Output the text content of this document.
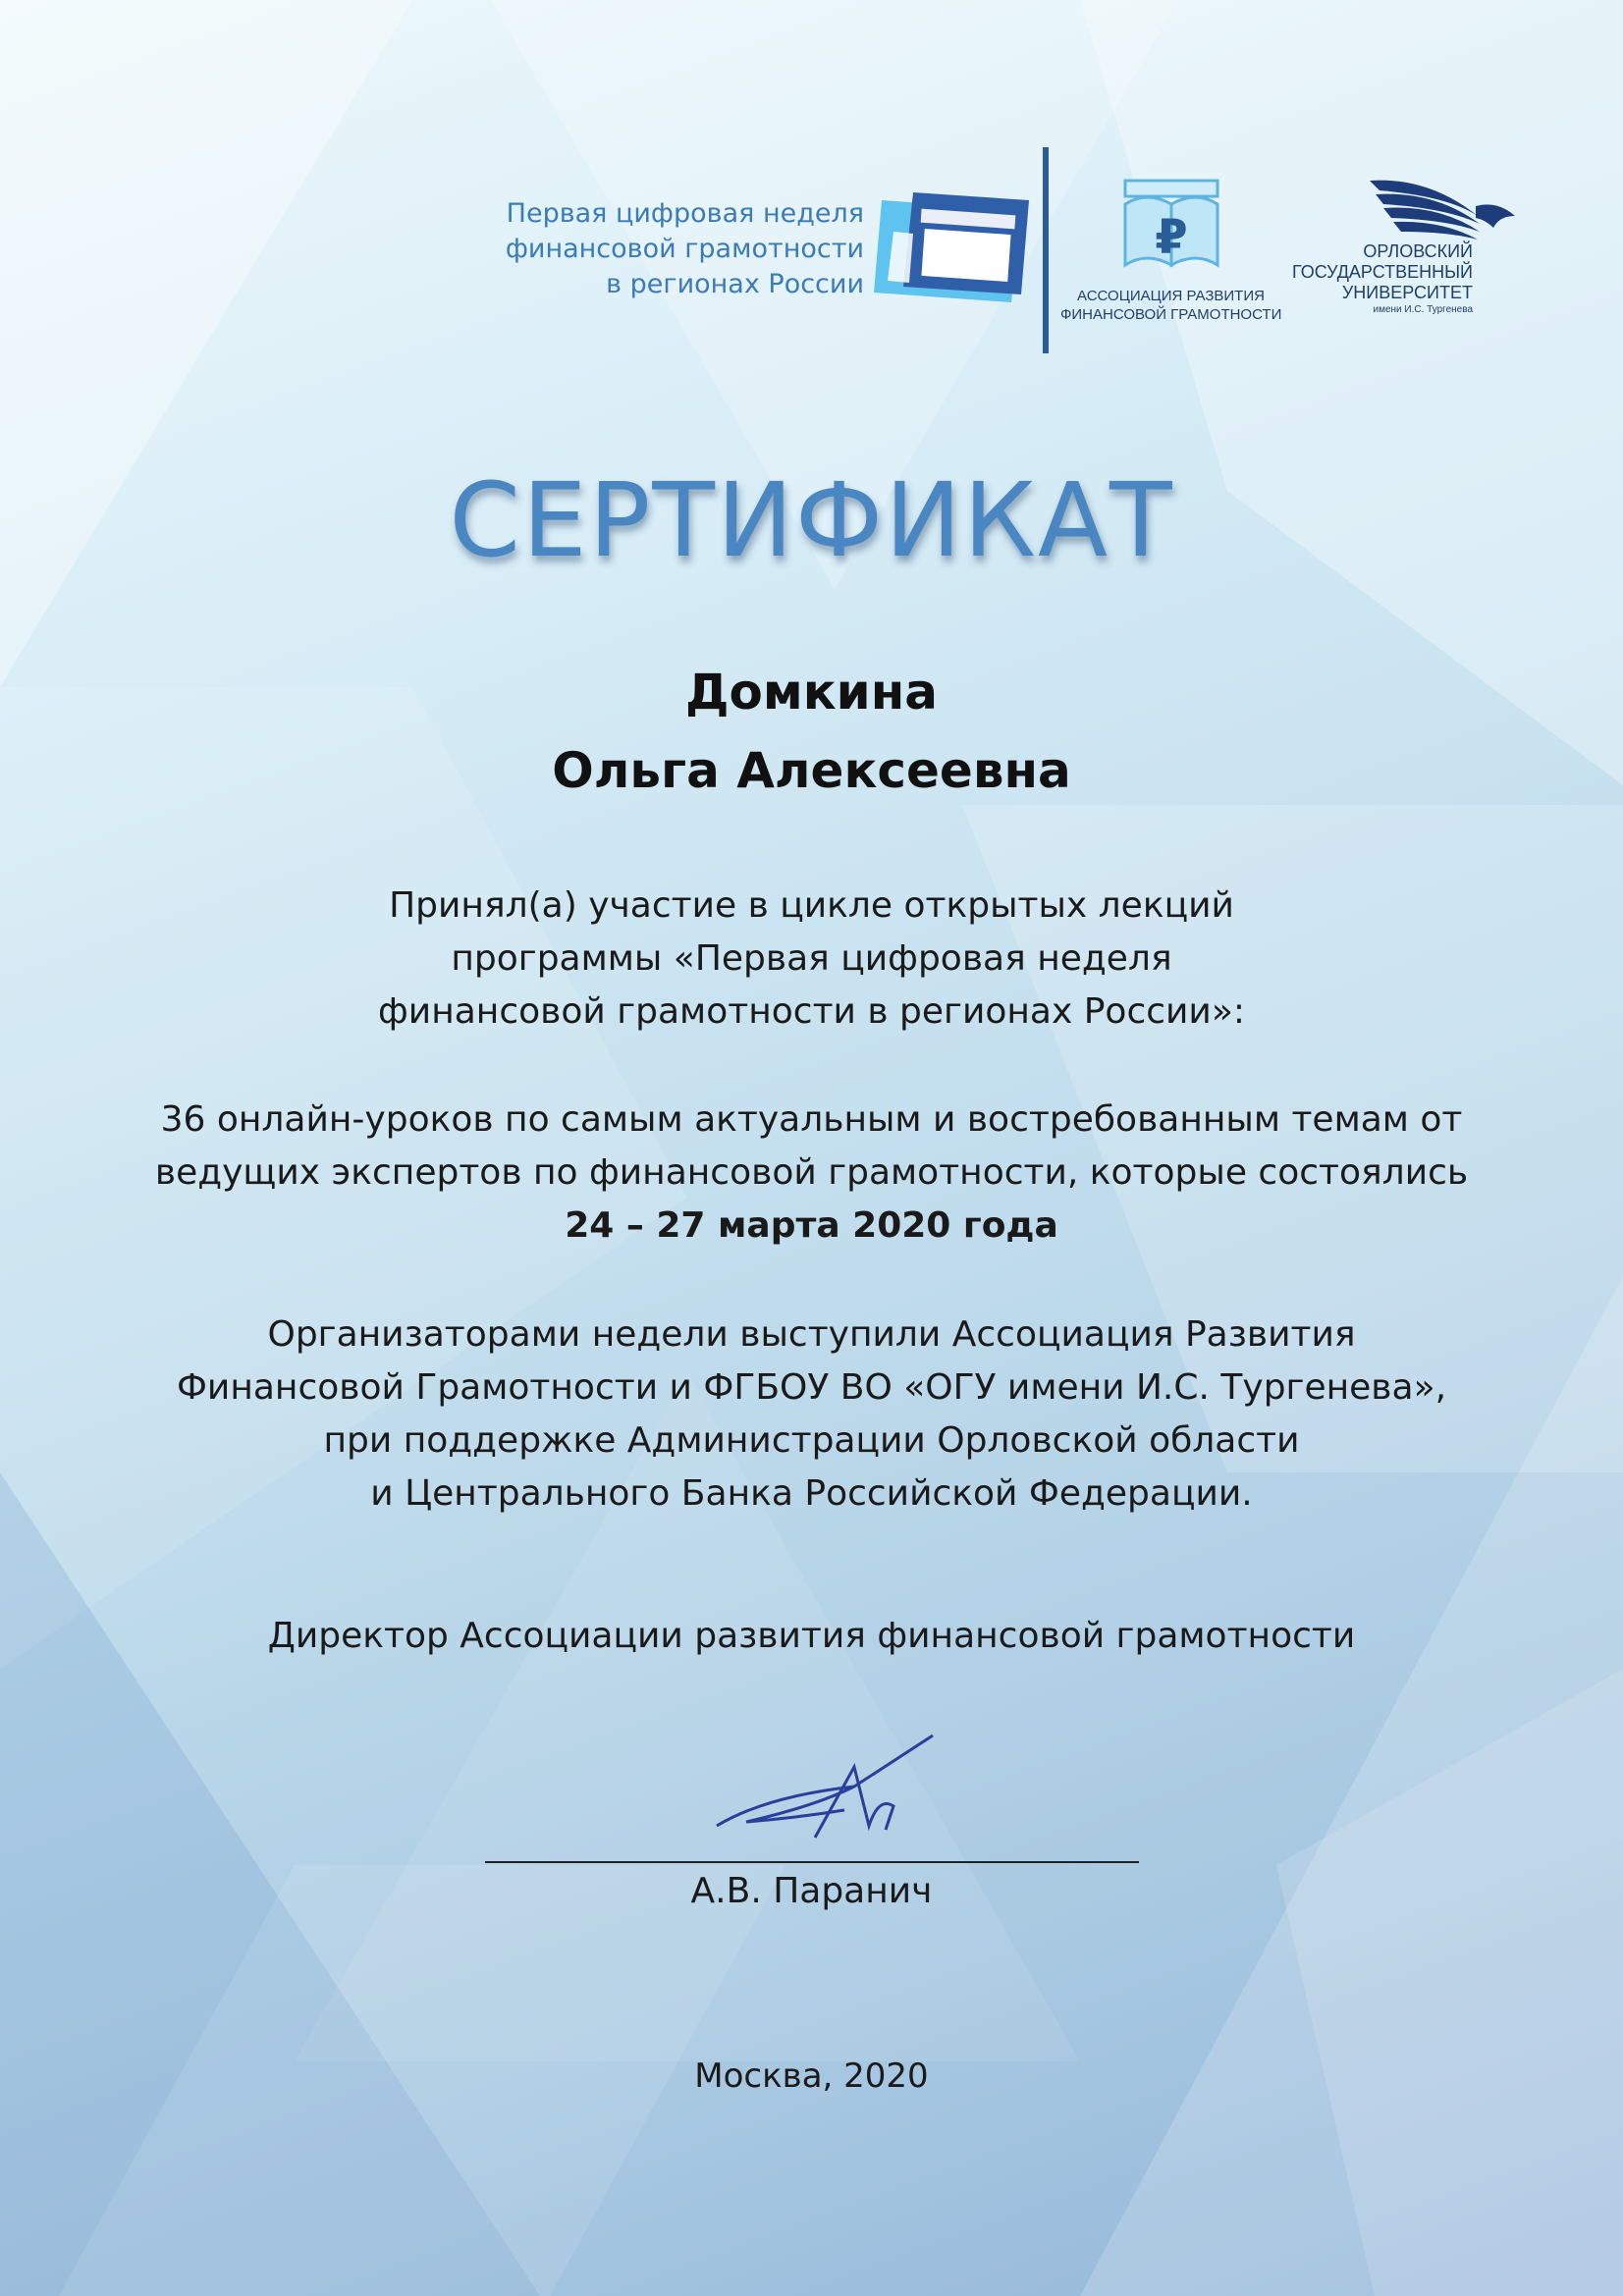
Первая цифровая неделя
финансовой грамотности
в регионах России
₽
АССОЦИАЦИЯ РАЗВИТИЯ
ФИНАНСОВОЙ ГРАМОТНОСТИ
ОРЛОВСКИЙ
ГОСУДАРСТВЕННЫЙ
УНИВЕРСИТЕТ
имени И.С. Тургенева
СЕРТИФИКАТ
Домкина
Ольга Алексеевна
Принял(а) участие в цикле открытых лекций
программы «Первая цифровая неделя
финансовой грамотности в регионах России»:
36 онлайн-уроков по самым актуальным и востребованным темам от
ведущих экспертов по финансовой грамотности, которые состоялись
24 – 27 марта 2020 года
Организаторами недели выступили Ассоциация Развития
Финансовой Грамотности и ФГБОУ ВО «ОГУ имени И.С. Тургенева»,
при поддержке Администрации Орловской области
и Центрального Банка Российской Федерации.
Директор Ассоциации развития финансовой грамотности
А.В. Паранич
Москва, 2020
